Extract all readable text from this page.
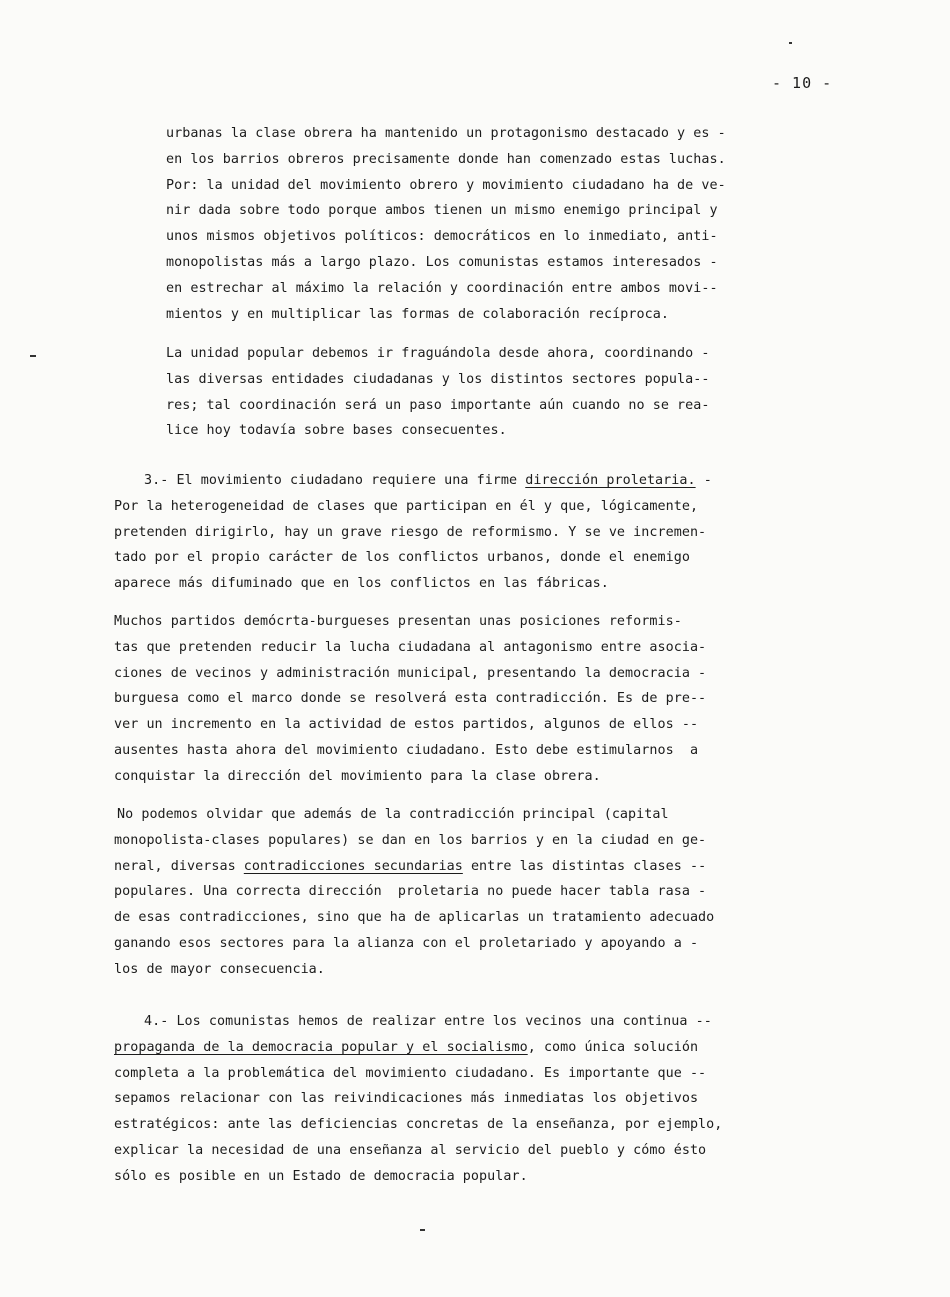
- 10 -
urbanas la clase obrera ha mantenido un protagonismo destacado y es -
en los barrios obreros precisamente donde han comenzado estas luchas.
Por: la unidad del movimiento obrero y movimiento ciudadano ha de ve-
nir dada sobre todo porque ambos tienen un mismo enemigo principal y
unos mismos objetivos políticos: democráticos en lo inmediato, anti-
monopolistas más a largo plazo. Los comunistas estamos interesados -
en estrechar al máximo la relación y coordinación entre ambos movi--
mientos y en multiplicar las formas de colaboración recíproca.
La unidad popular debemos ir fraguándola desde ahora, coordinando -
las diversas entidades ciudadanas y los distintos sectores popula--
res; tal coordinación será un paso importante aún cuando no se rea-
lice hoy todavía sobre bases consecuentes.
3.- El movimiento ciudadano requiere una firme dirección proletaria. -
Por la heterogeneidad de clases que participan en él y que, lógicamente,
pretenden dirigirlo, hay un grave riesgo de reformismo. Y se ve incremen-
tado por el propio carácter de los conflictos urbanos, donde el enemigo
aparece más difuminado que en los conflictos en las fábricas.
Muchos partidos demócrta-burgueses presentan unas posiciones reformis-
tas que pretenden reducir la lucha ciudadana al antagonismo entre asocia-
ciones de vecinos y administración municipal, presentando la democracia -
burguesa como el marco donde se resolverá esta contradicción. Es de pre--
ver un incremento en la actividad de estos partidos, algunos de ellos --
ausentes hasta ahora del movimiento ciudadano. Esto debe estimularnos  a
conquistar la dirección del movimiento para la clase obrera.
No podemos olvidar que además de la contradicción principal (capital
monopolista-clases populares) se dan en los barrios y en la ciudad en ge-
neral, diversas contradicciones secundarias entre las distintas clases --
populares. Una correcta dirección  proletaria no puede hacer tabla rasa -
de esas contradicciones, sino que ha de aplicarlas un tratamiento adecuado
ganando esos sectores para la alianza con el proletariado y apoyando a -
los de mayor consecuencia.
4.- Los comunistas hemos de realizar entre los vecinos una continua --
propaganda de la democracia popular y el socialismo, como única solución
completa a la problemática del movimiento ciudadano. Es importante que --
sepamos relacionar con las reivindicaciones más inmediatas los objetivos
estratégicos: ante las deficiencias concretas de la enseñanza, por ejemplo,
explicar la necesidad de una enseñanza al servicio del pueblo y cómo ésto
sólo es posible en un Estado de democracia popular.
